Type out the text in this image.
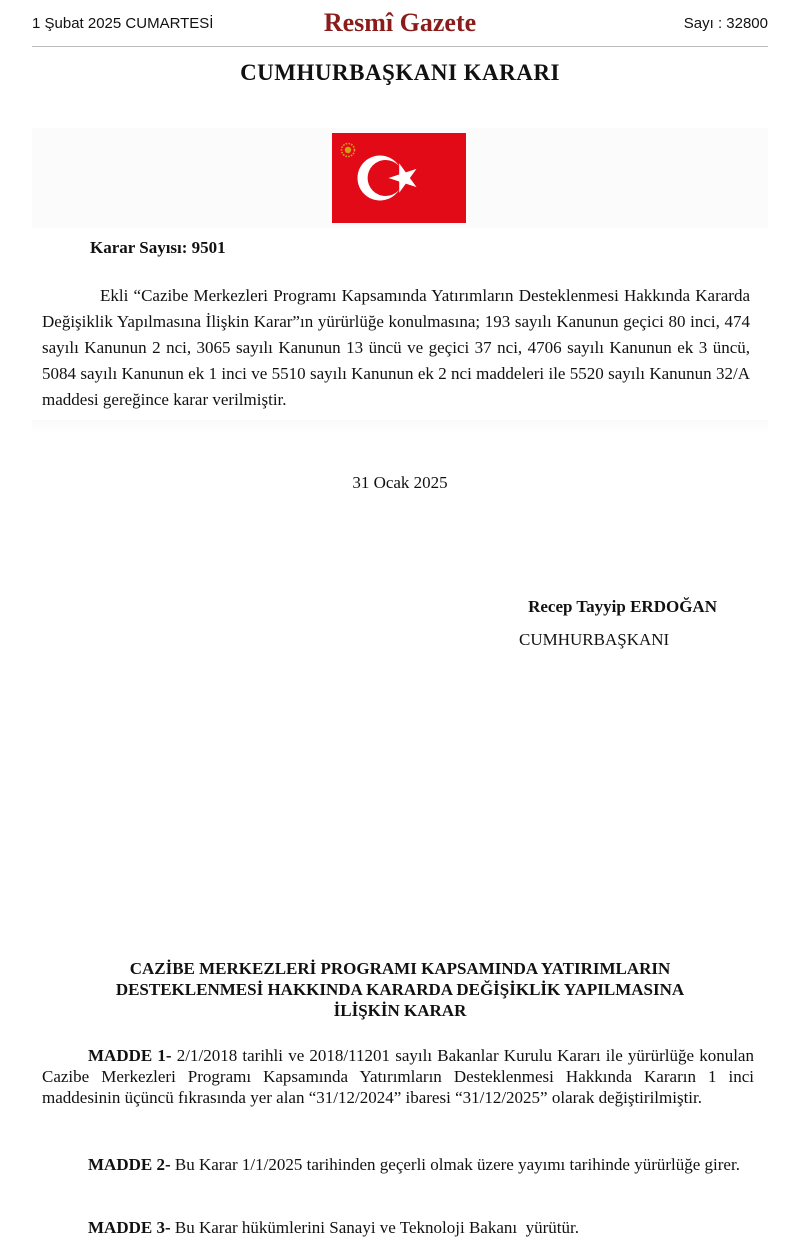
1 Şubat 2025 CUMARTESİ	Resmî Gazete	Sayı : 32800
CUMHURBAŞKANI KARARI
Karar Sayısı: 9501

Ekli “Cazibe Merkezleri Programı Kapsamında Yatırımların Desteklenmesi Hakkında Kararda Değişiklik Yapılmasına İlişkin Karar”ın yürürlüğe konulmasına; 193 sayılı Kanunun geçici 80 inci, 474 sayılı Kanunun 2 nci, 3065 sayılı Kanunun 13 üncü ve geçici 37 nci, 4706 sayılı Kanunun ek 3 üncü, 5084 sayılı Kanunun ek 1 inci ve 5510 sayılı Kanunun ek 2 nci maddeleri ile 5520 sayılı Kanunun 32/A maddesi gereğince karar verilmiştir.

31 Ocak 2025
Recep Tayyip ERDOĞAN
CUMHURBAŞKANI
CAZİBE MERKEZLERİ PROGRAMI KAPSAMINDA YATIRIMLARIN
DESTEKLENMESİ HAKKINDA KARARDA DEĞİŞİKLİK YAPILMASINA
İLİŞKİN KARAR

MADDE 1- 2/1/2018 tarihli ve 2018/11201 sayılı Bakanlar Kurulu Kararı ile yürürlüğe konulan Cazibe Merkezleri Programı Kapsamında Yatırımların Desteklenmesi Hakkında Kararın 1 inci maddesinin üçüncü fıkrasında yer alan “31/12/2024” ibaresi “31/12/2025” olarak değiştirilmiştir.

MADDE 2- Bu Karar 1/1/2025 tarihinden geçerli olmak üzere yayımı tarihinde yürürlüğe girer.

MADDE 3- Bu Karar hükümlerini Sanayi ve Teknoloji Bakanı  yürütür.
